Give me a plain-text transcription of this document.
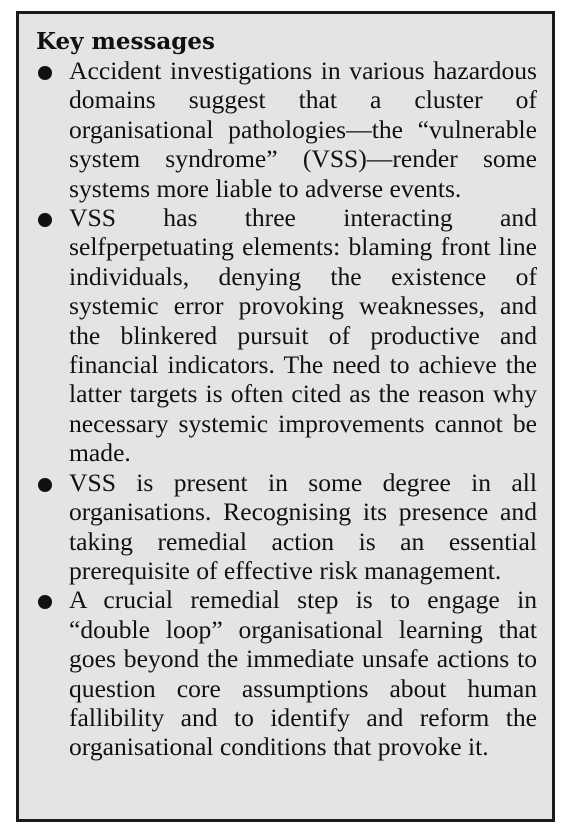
Key messages
Accident investigations in various hazardous domains suggest that a cluster of organisational pathologies—the “vulnerable system syndrome” (VSS)—render some systems more liable to adverse events.
VSS has three interacting and selfperpetuating elements: blaming front line individuals, denying the existence of systemic error provoking weaknesses, and the blinkered pursuit of productive and financial indicators. The need to achieve the latter targets is often cited as the reason why necessary systemic improvements cannot be made.
VSS is present in some degree in all organisations. Recognising its presence and taking remedial action is an essential prerequisite of effective risk management.
A crucial remedial step is to engage in “double loop” organisational learning that goes beyond the immediate unsafe actions to question core assumptions about human fallibility and to identify and reform the organisational conditions that provoke it.
